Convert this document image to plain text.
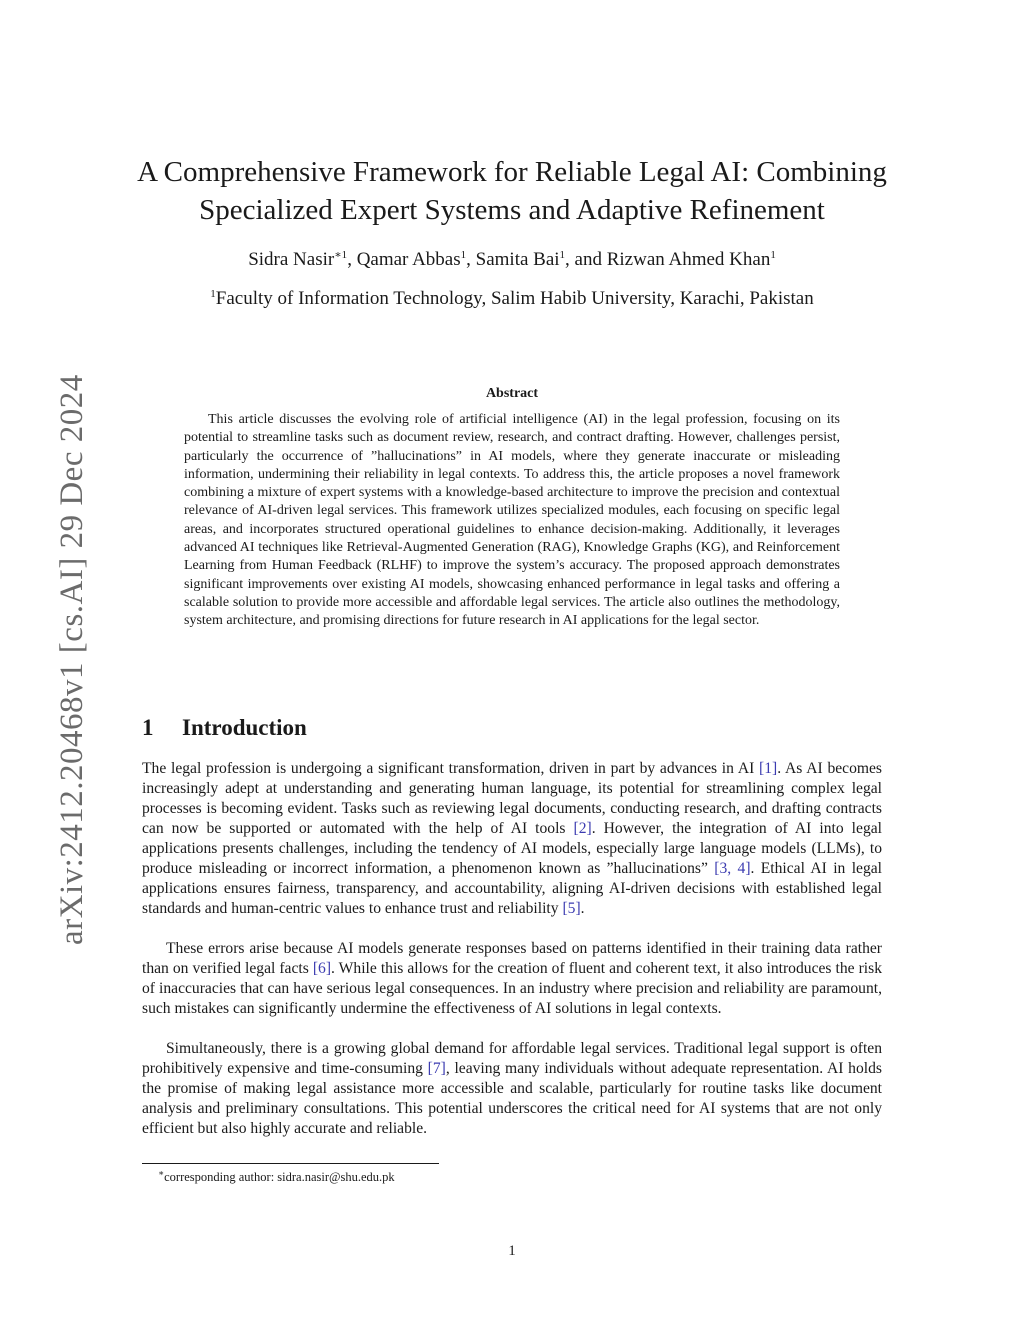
arXiv:2412.20468v1 [cs.AI] 29 Dec 2024
A Comprehensive Framework for Reliable Legal AI: Combining
Specialized Expert Systems and Adaptive Refinement
Sidra Nasir$^{∗1}$, Qamar Abbas$^1$, Samita Bai$^1$, and Rizwan Ahmed Khan$^1$
$^1$Faculty of Information Technology, Salim Habib University, Karachi, Pakistan
Abstract

This article discusses the evolving role of artificial intelligence (AI) in the legal profession, focusing on its potential to streamline tasks such as document review, research, and contract drafting. However, challenges persist, particularly the occurrence of ”hallucinations” in AI models, where they generate inaccurate or misleading information, undermining their reliability in legal contexts. To address this, the article proposes a novel framework combining a mixture of expert systems with a knowledge-based architecture to improve the precision and contextual relevance of AI-driven legal services. This framework utilizes specialized modules, each focusing on specific legal areas, and incorporates structured operational guidelines to enhance decision-making. Additionally, it leverages advanced AI techniques like Retrieval-Augmented Generation (RAG), Knowledge Graphs (KG), and Reinforcement Learning from Human Feedback (RLHF) to improve the system’s accuracy. The proposed approach demonstrates significant improvements over existing AI models, showcasing enhanced performance in legal tasks and offering a scalable solution to provide more accessible and affordable legal services. The article also outlines the methodology, system architecture, and promising directions for future research in AI applications for the legal sector.

1 Introduction

The legal profession is undergoing a significant transformation, driven in part by advances in AI [1]. As AI becomes increasingly adept at understanding and generating human language, its potential for streamlining complex legal processes is becoming evident. Tasks such as reviewing legal documents, conducting research, and drafting contracts can now be supported or automated with the help of AI tools [2]. However, the integration of AI into legal applications presents challenges, including the tendency of AI models, especially large language models (LLMs), to produce misleading or incorrect information, a phenomenon known as ”hallucinations” [3, 4]. Ethical AI in legal applications ensures fairness, transparency, and accountability, aligning AI-driven decisions with established legal standards and human-centric values to enhance trust and reliability [5].

These errors arise because AI models generate responses based on patterns identified in their training data rather than on verified legal facts [6]. While this allows for the creation of fluent and coherent text, it also introduces the risk of inaccuracies that can have serious legal consequences. In an industry where precision and reliability are paramount, such mistakes can significantly undermine the effectiveness of AI solutions in legal contexts.

Simultaneously, there is a growing global demand for affordable legal services. Traditional legal support is often prohibitively expensive and time-consuming [7], leaving many individuals without adequate representation. AI holds the promise of making legal assistance more accessible and scalable, particularly for routine tasks like document analysis and preliminary consultations. This potential underscores the critical need for AI systems that are not only efficient but also highly accurate and reliable.

∗corresponding author: sidra.nasir@shu.edu.pk
1
